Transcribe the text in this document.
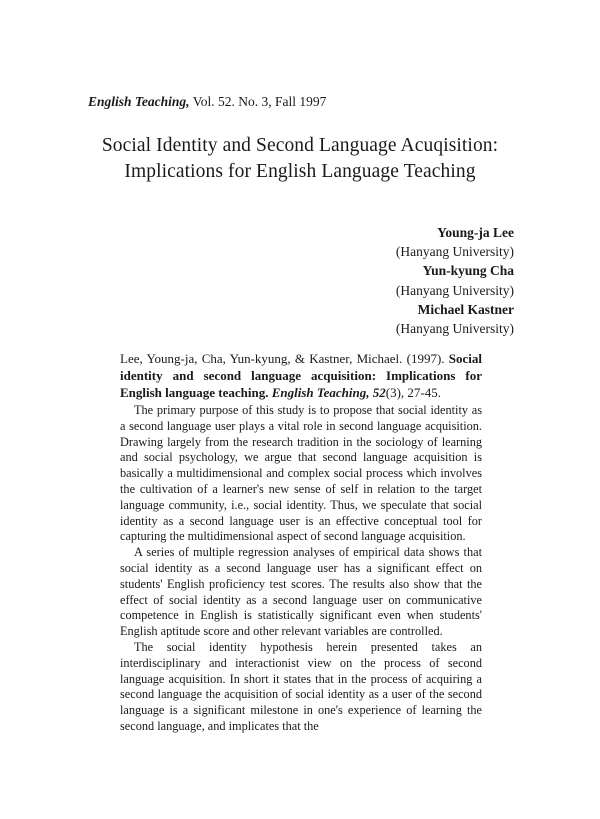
English Teaching, Vol. 52. No. 3, Fall 1997
Social Identity and Second Language Acuqisition:
Implications for English Language Teaching
Young-ja Lee
(Hanyang University)
Yun-kyung Cha
(Hanyang University)
Michael Kastner
(Hanyang University)
Lee, Young-ja, Cha, Yun-kyung, & Kastner, Michael. (1997). Social identity and second language acquisition: Implications for English language teaching. English Teaching, 52(3), 27-45.

The primary purpose of this study is to propose that social identity as a second language user plays a vital role in second language acquisition. Drawing largely from the research tradition in the sociology of learning and social psychology, we argue that second language acquisition is basically a multidimensional and complex social process which involves the cultivation of a learner's new sense of self in relation to the target language community, i.e., social identity. Thus, we speculate that social identity as a second language user is an effective conceptual tool for capturing the multidimensional aspect of second language acquisition.

A series of multiple regression analyses of empirical data shows that social identity as a second language user has a significant effect on students' English proficiency test scores. The results also show that the effect of social identity as a second language user on communicative competence in English is statistically significant even when students' English aptitude score and other relevant variables are controlled.

The social identity hypothesis herein presented takes an interdisciplinary and interactionist view on the process of second language acquisition. In short it states that in the process of acquiring a second language the acquisition of social identity as a user of the second language is a significant milestone in one's experience of learning the second language, and implicates that the
